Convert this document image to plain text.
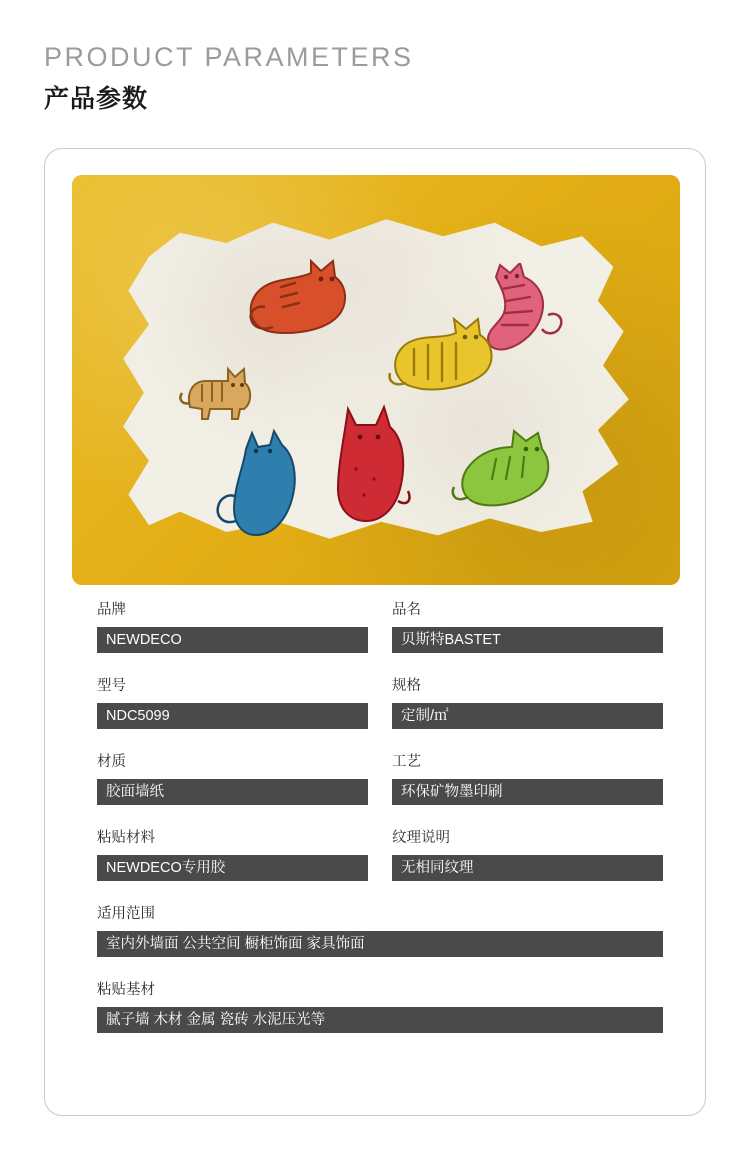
PRODUCT PARAMETERS
产品参数
品牌
NEWDECO
品名
贝斯特BASTET
型号
NDC5099
规格
定制/㎡
材质
胶面墙纸
工艺
环保矿物墨印刷
粘贴材料
NEWDECO专用胶
纹理说明
无相同纹理
适用范围
室内外墙面 公共空间 橱柜饰面 家具饰面
粘贴基材
腻子墙 木材 金属 瓷砖 水泥压光等
